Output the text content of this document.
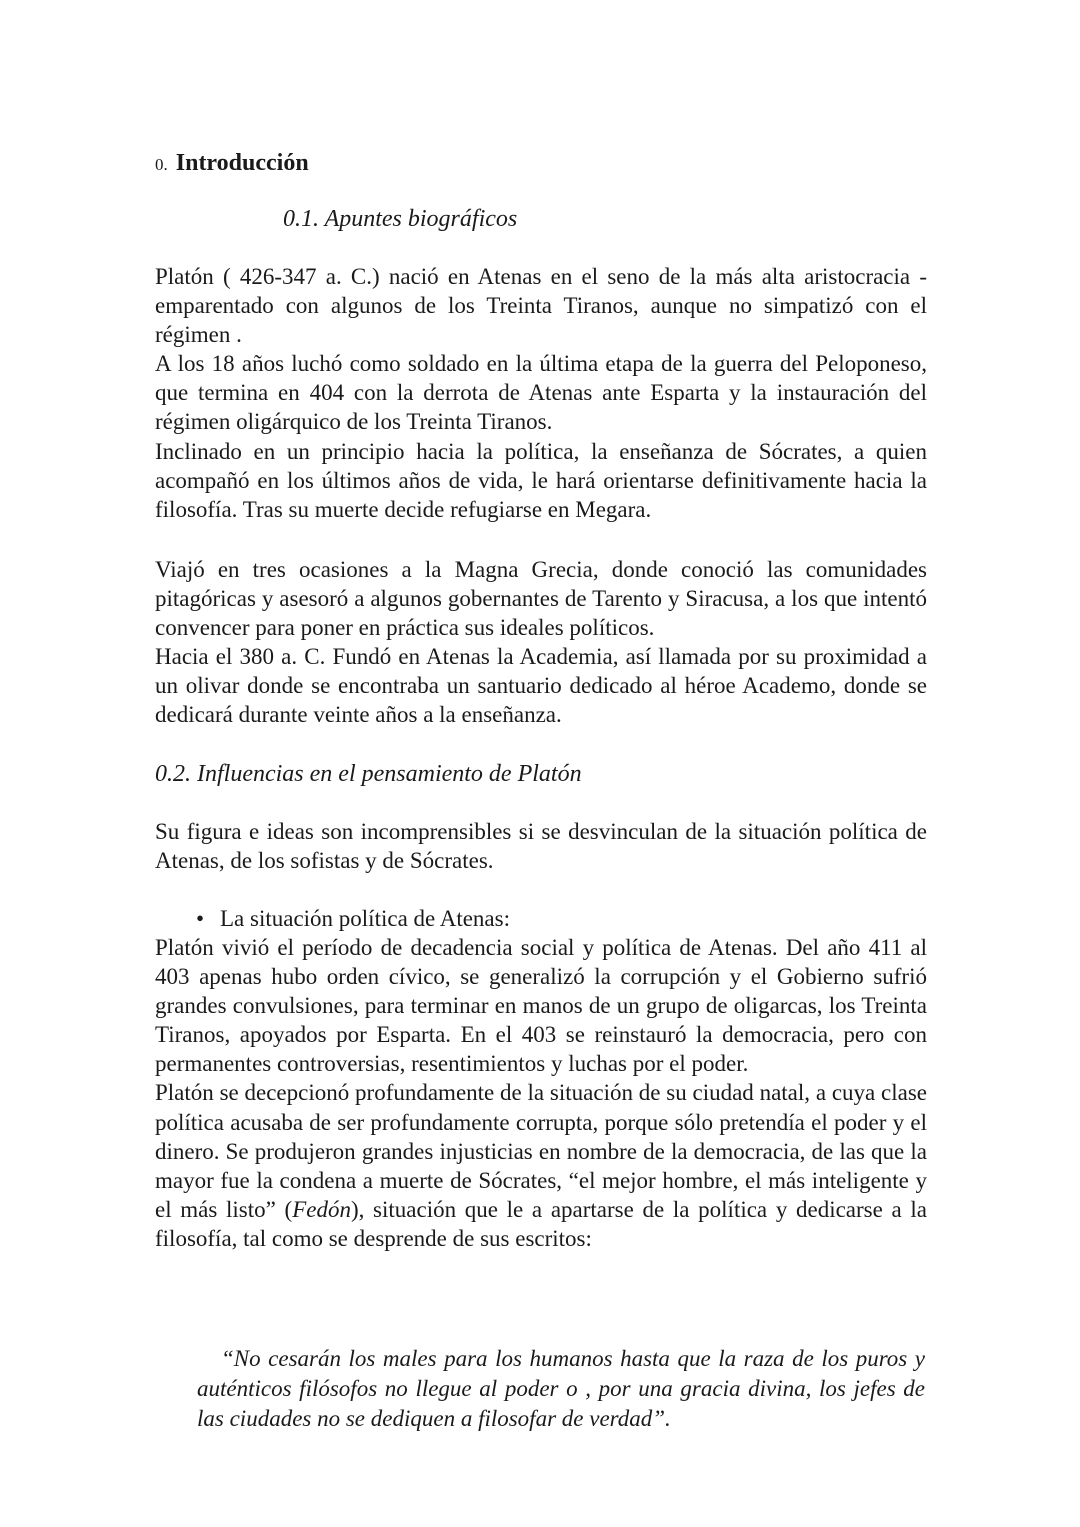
0. Introducción
0.1. Apuntes biográficos

Platón ( 426-347 a. C.) nació en Atenas en el seno de la más alta aristocracia - emparentado con algunos de los Treinta Tiranos, aunque no simpatizó con el régimen .

A los 18 años luchó como soldado en la última etapa de la guerra del Peloponeso, que termina en 404 con la derrota de Atenas ante Esparta y la instauración del régimen oligárquico de los Treinta Tiranos.

Inclinado en un principio hacia la política, la enseñanza de Sócrates, a quien acompañó en los últimos años de vida, le hará orientarse definitivamente hacia la filosofía. Tras su muerte decide refugiarse en Megara.

Viajó en tres ocasiones a la Magna Grecia, donde conoció las comunidades pitagóricas y asesoró a algunos gobernantes de Tarento y Siracusa, a los que intentó convencer para poner en práctica sus ideales políticos.

Hacia el 380 a. C. Fundó en Atenas la Academia, así llamada por su proximidad a un olivar donde se encontraba un santuario dedicado al héroe Academo, donde se dedicará durante veinte años a la enseñanza.

0.2. Influencias en el pensamiento de Platón

Su figura e ideas son incomprensibles si se desvinculan de la situación política de Atenas, de los sofistas y de Sócrates.

• La situación política de Atenas:

Platón vivió el período de decadencia social y política de Atenas. Del año 411 al 403 apenas hubo orden cívico, se generalizó la corrupción y el Gobierno sufrió grandes convulsiones, para terminar en manos de un grupo de oligarcas, los Treinta Tiranos, apoyados por Esparta. En el 403 se reinstauró la democracia, pero con permanentes controversias, resentimientos y luchas por el poder.

Platón se decepcionó profundamente de la situación de su ciudad natal, a cuya clase política acusaba de ser profundamente corrupta, porque sólo pretendía el poder y el dinero. Se produjeron grandes injusticias en nombre de la democracia, de las que la mayor fue la condena a muerte de Sócrates, “el mejor hombre, el más inteligente y el más listo” (Fedón), situación que le a apartarse de la política y dedicarse a la filosofía, tal como se desprende de sus escritos:

“No cesarán los males para los humanos hasta que la raza de los puros y auténticos filósofos no llegue al poder o , por una gracia divina, los jefes de las ciudades no se dediquen a filosofar de verdad”.
